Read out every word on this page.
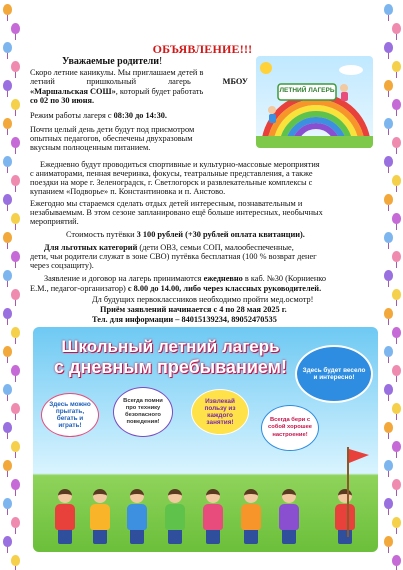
ОБЪЯВЛЕНИЕ!!!
Уважаемые родители!
Скоро летние каникулы. Мы приглашаем детей в
летний	пришкольный	лагерь	МБОУ
«Маршальская СОШ», который будет работать
со 02 по 30 июня.
Режим работы лагеря с 08:30 до 14:30.
Почти целый день дети будут под присмотром
опытных педагогов, обеспечены двухразовым
вкусным полноценным питанием.
ЛЕТНИЙ ЛАГЕРЬ
Ежедневно будут проводиться спортивные и культурно-массовые мероприятия
с аниматорами, пенная вечеринка, фокусы, театральные представления, а также
поездки на море г. Зеленоградск, г. Светлогорск и развлекательные комплексы с
купанием «Подворье» п. Константиновка и п. Анстово.
Ежегодно мы стараемся сделать отдых детей интересным, познавательным и
незабываемым. В этом сезоне запланировано ещё больше интересных, необычных
мероприятий.
Стоимость путёвки 3 100 рублей (+30 рублей оплата квитанции).
Для льготных категорий (дети ОВЗ, семьи СОП, малообеспеченные,
дети, чьи родители служат в зоне СВО) путёвка бесплатная (100 % возврат денег
через соцзащиту).
Заявление и договор на лагерь принимаются ежедневно в каб. №30 (Корниенко
Е.М., педагог-организатор) с 8.00 до 14.00, либо через классных руководителей.
Дл будущих первоклассников необходимо пройти мед.осмотр!
Приём заявлений начинается с 4 по 28 мая 2025 г.
Тел. для информации – 84015139234, 89052470535
Школьный летний лагерь
с дневным пребыванием!	Здесь будет весело и интересно!
Здесь можно прыгать, бегать и играть!
Всегда помни про технику безопасного поведения!
Извлекай пользу из каждого занятия!	Всегда бери с собой хорошее настроение!
